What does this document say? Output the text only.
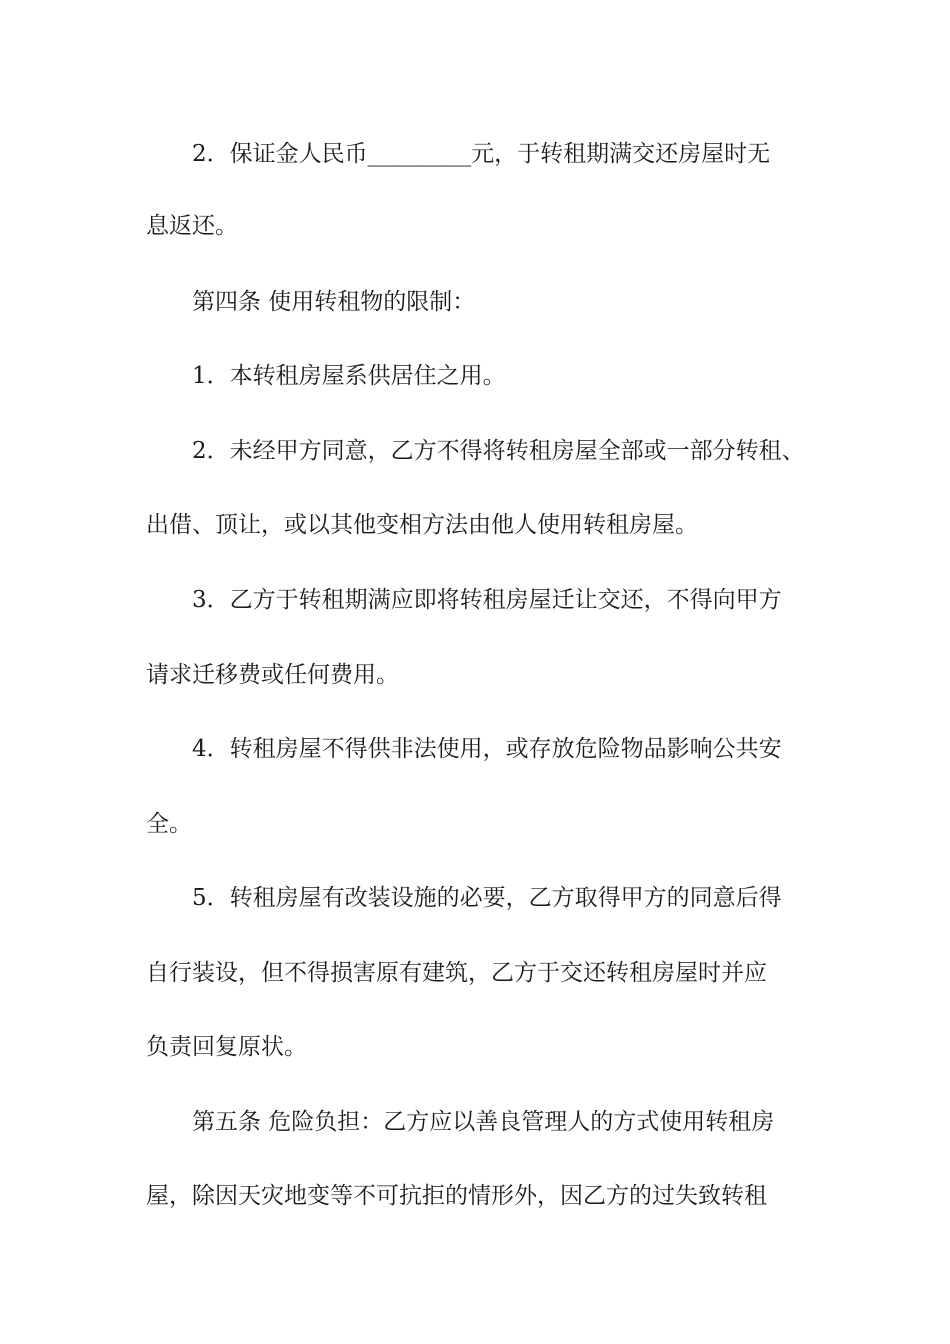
2．保证金人民币_________元，于转租期满交还房屋时无
息返还。
第四条 使用转租物的限制：
1．本转租房屋系供居住之用。
2．未经甲方同意，乙方不得将转租房屋全部或一部分转租、
出借、顶让，或以其他变相方法由他人使用转租房屋。
3．乙方于转租期满应即将转租房屋迁让交还，不得向甲方
请求迁移费或任何费用。
4．转租房屋不得供非法使用，或存放危险物品影响公共安
全。
5．转租房屋有改装设施的必要，乙方取得甲方的同意后得
自行装设，但不得损害原有建筑，乙方于交还转租房屋时并应
负责回复原状。
第五条 危险负担：乙方应以善良管理人的方式使用转租房
屋，除因天灾地变等不可抗拒的情形外，因乙方的过失致转租
